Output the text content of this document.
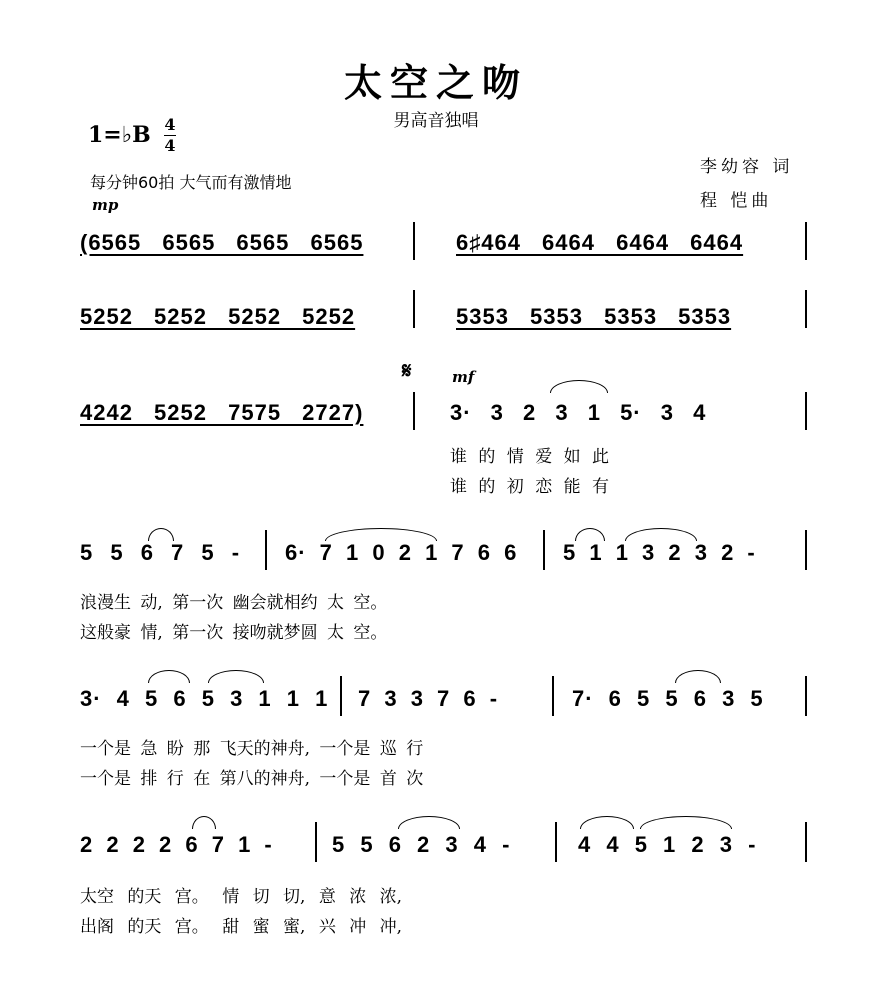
太空之吻
男高音独唱
1=♭B 4
4
每分钟60拍 大气而有激情地
李幼容 词
程 恺曲
mp
(6565 6565 6565 6565	6♯464 6464 6464 6464
5252 5252 5252 5252	5353 5353 5353 5353
𝄋	mf
4242 5252 7575 2727)	3· 3 2 3 1 5· 3 4
谁 的 情 爱 如 此
谁 的 初 恋 能 有
5 5 6 7 5 - 6· 7 1 0 2 1 7 6 6 5 1 1 3 2 3 2 -
浪漫生 动, 第一次 幽会就相约 太 空。
这般豪 情, 第一次 接吻就梦圆 太 空。
3· 4 5 6 5 3 1 1 1 7 3 3 7 6 -	7· 6 5 5 6 3 5
一个是 急 盼 那 飞天的神舟, 一个是 巡 行
一个是 排 行 在 第八的神舟, 一个是 首 次
2 2 2 2 6 7 1 -	5 5 6 2 3 4 -	4 4 5 1 2 3 -
太空 的天 宫。 情 切 切, 意 浓 浓,
出阁 的天 宫。 甜 蜜 蜜, 兴 冲 冲,
